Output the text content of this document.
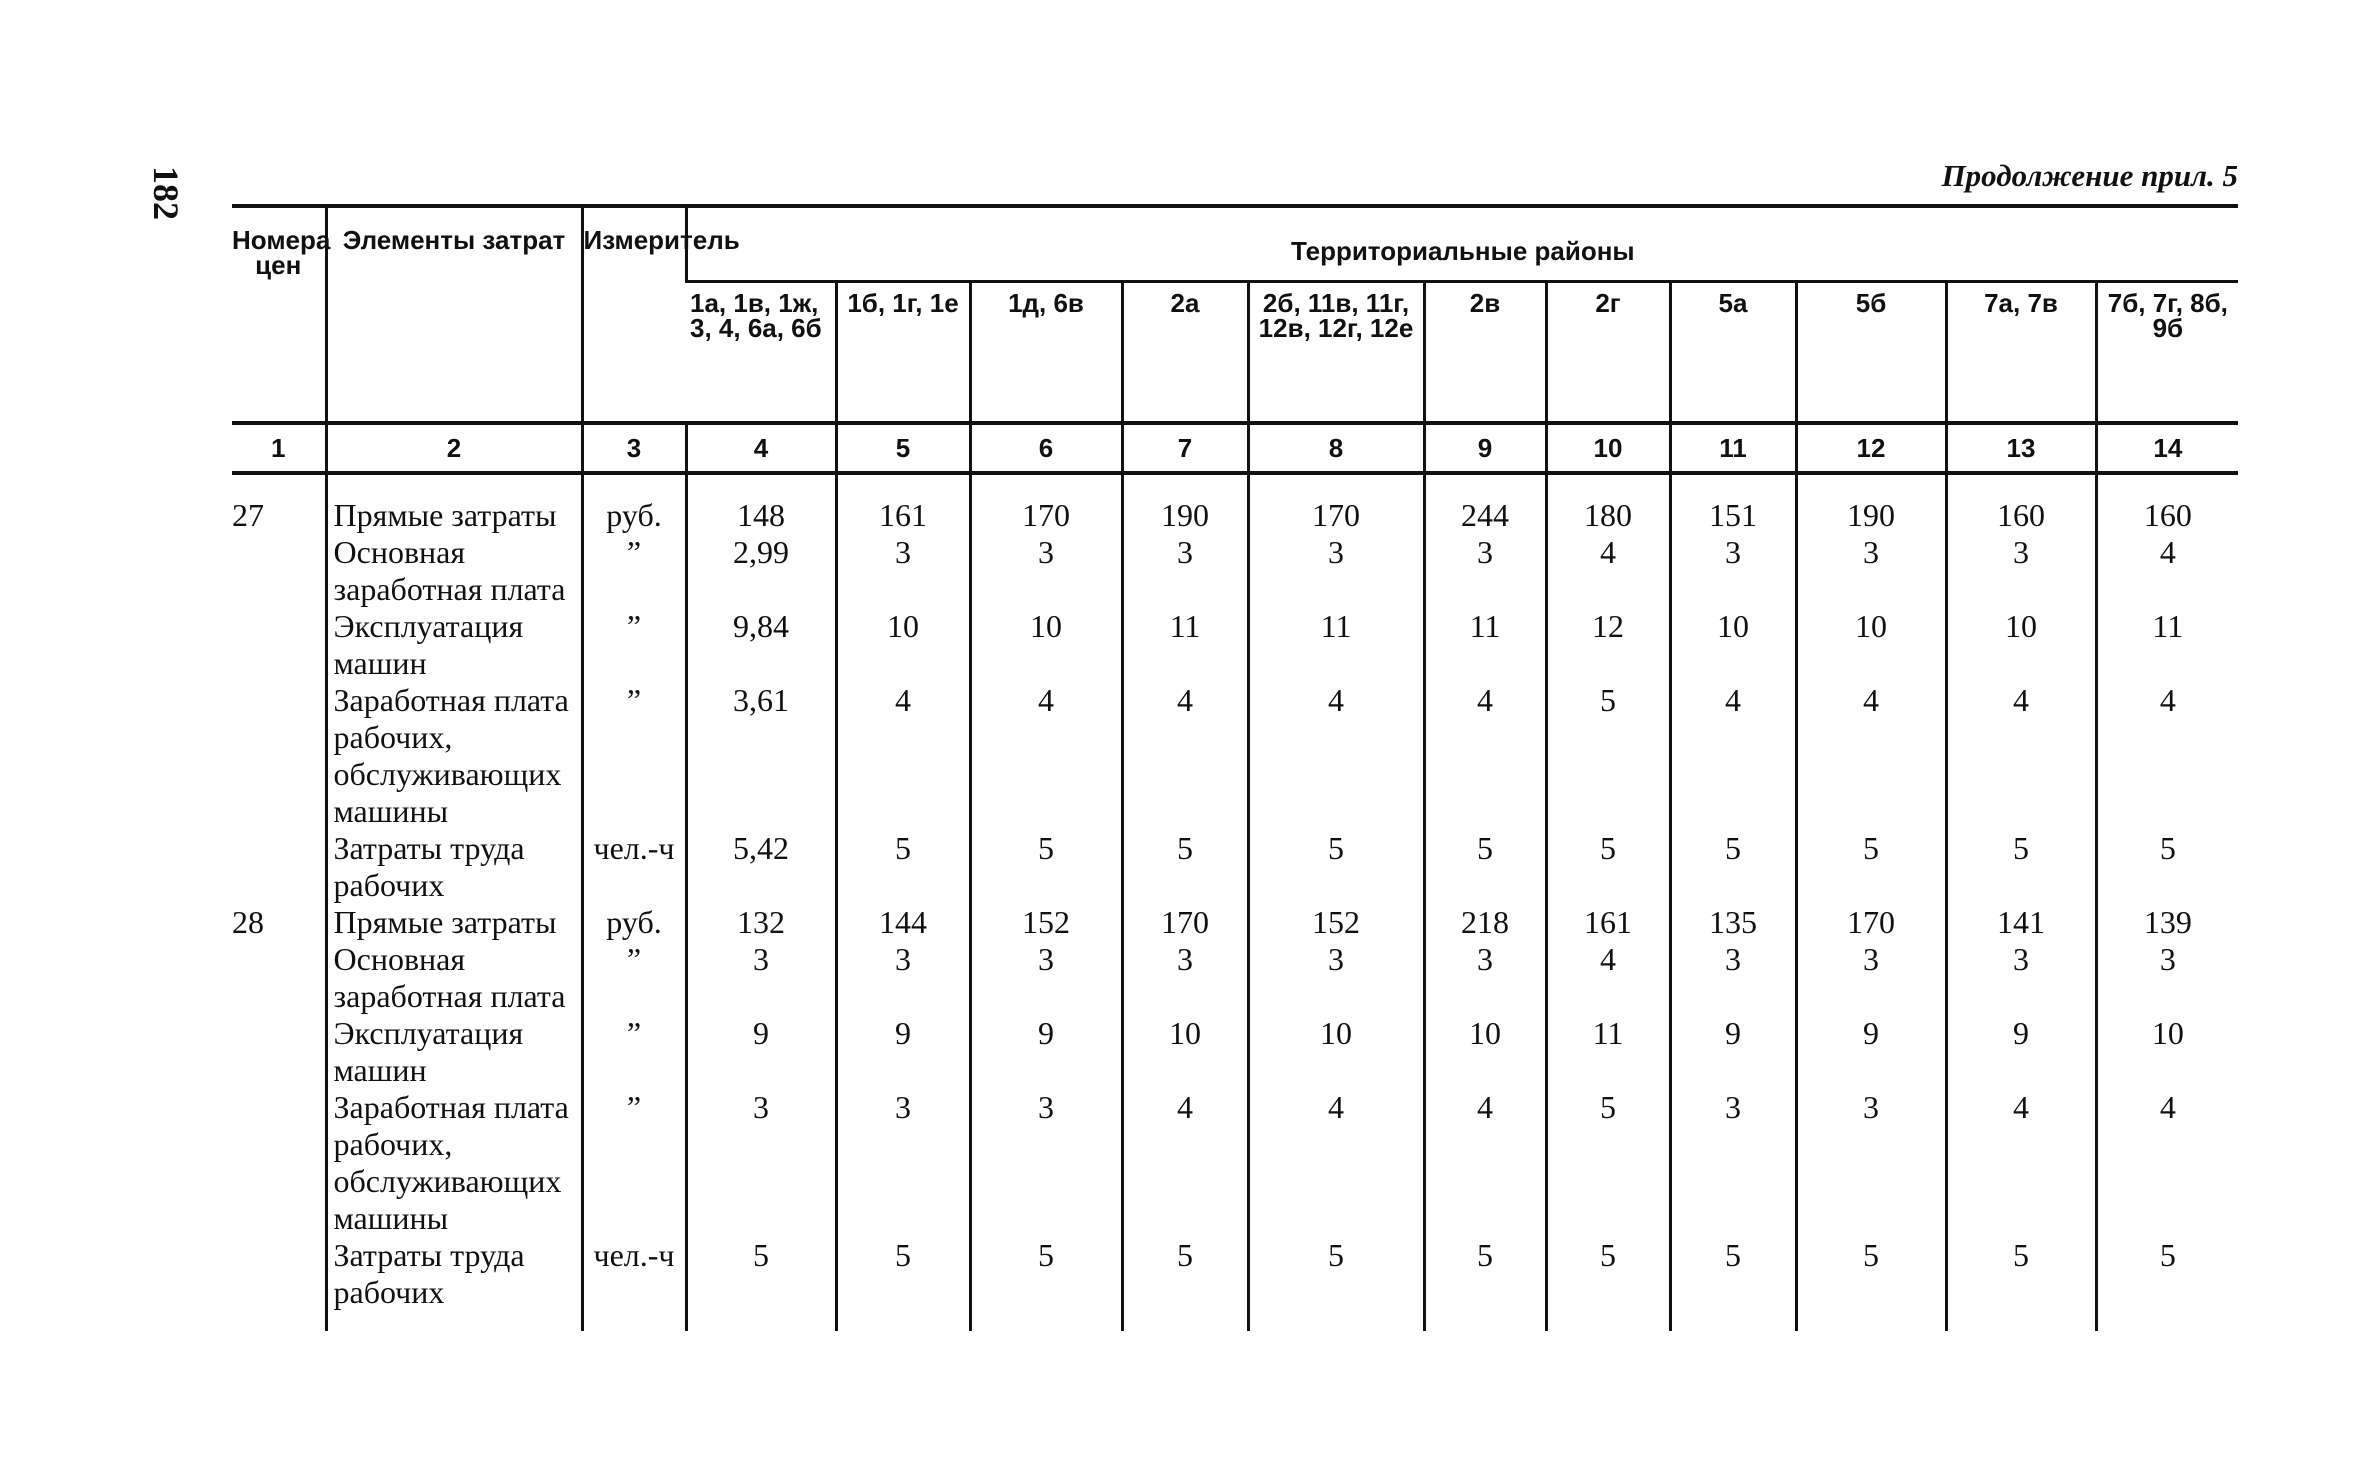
182	Продолжение прил. 5
Номера цен	Элементы затрат	Измеритель	Территориальные районы										
			1а, 1в, 1ж, 3, 4, 6а, 6б	1б, 1г, 1е	1д, 6в	2а	2б, 11в, 11г, 12в, 12г, 12е	2в	2г	5а	5б	7а, 7в	7б, 7г, 8б, 9б
1	2	3	4	5	6	7	8	9	10	11	12	13	14
27	Прямые затраты	руб.	148	161	170	190	170	244	180	151	190	160	160
	Основная заработная плата	”	2,99	3	3	3	3	3	4	3	3	3	4
	Эксплуатация машин	”	9,84	10	10	11	11	11	12	10	10	10	11
	Заработная плата рабочих, обслуживающих машины	”	3,61	4	4	4	4	4	5	4	4	4	4
	Затраты труда рабочих	чел.-ч	5,42	5	5	5	5	5	5	5	5	5	5
28	Прямые затраты	руб.	132	144	152	170	152	218	161	135	170	141	139
	Основная заработная плата	”	3	3	3	3	3	3	4	3	3	3	3
	Эксплуатация машин	”	9	9	9	10	10	10	11	9	9	9	10
	Заработная плата рабочих, обслуживающих машины	”	3	3	3	4	4	4	5	3	3	4	4
	Затраты труда рабочих	чел.-ч	5	5	5	5	5	5	5	5	5	5	5
